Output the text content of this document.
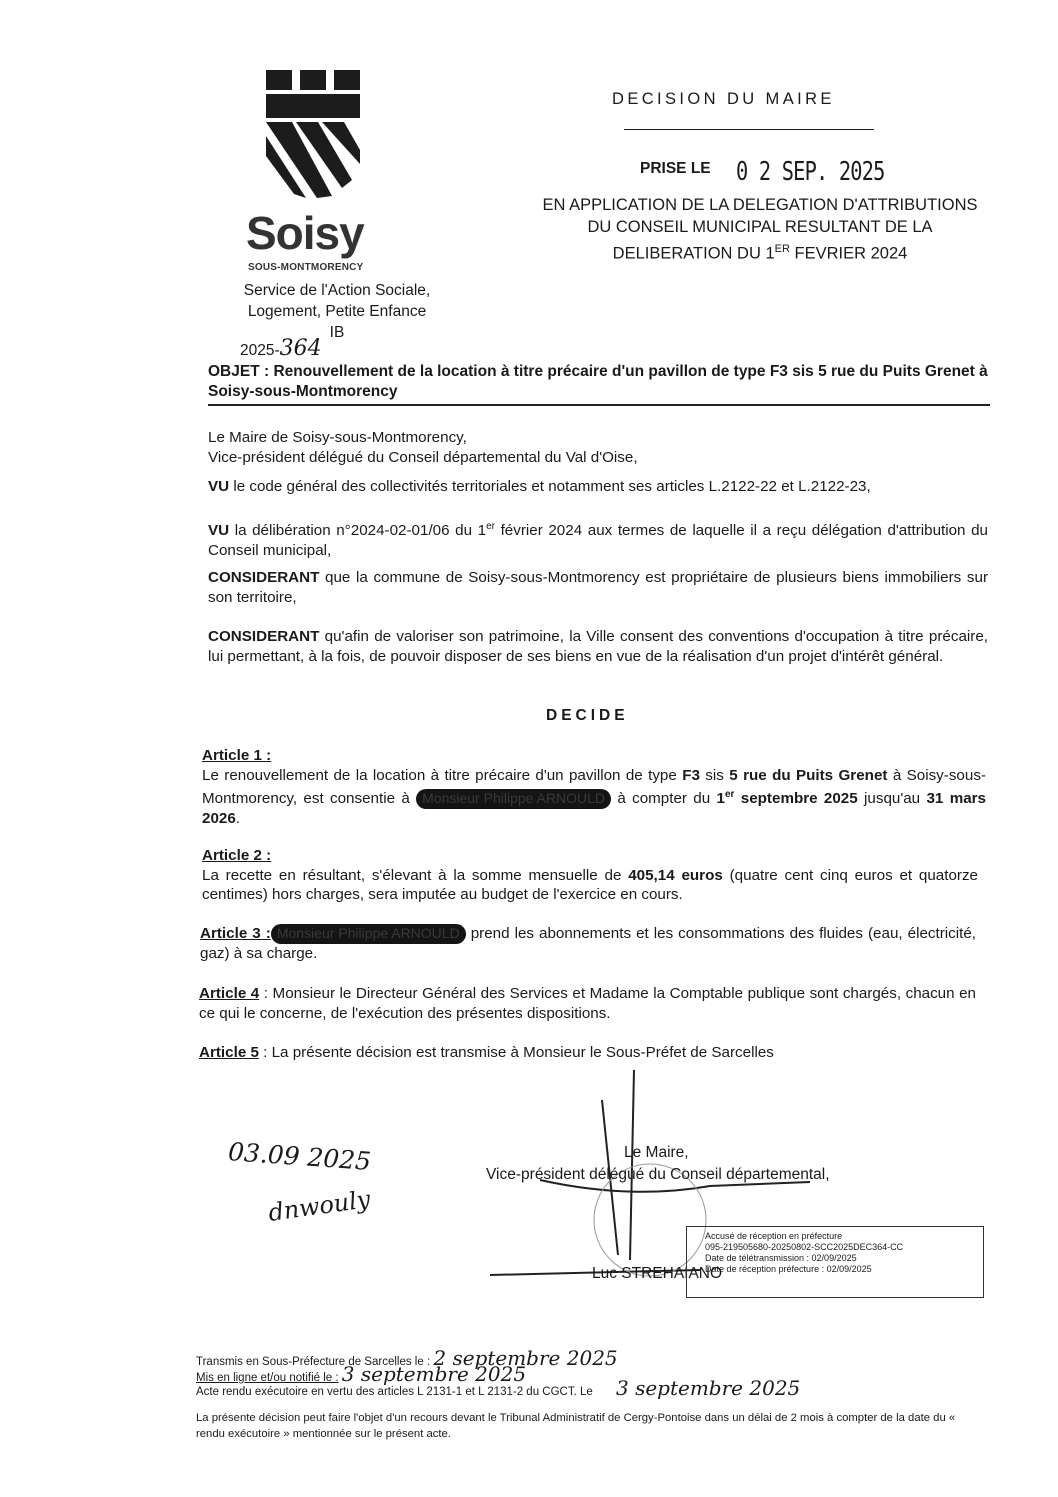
Soisy
SOUS-MONTMORENCY
Service de l'Action Sociale,
Logement, Petite Enfance
IB
2025-364
DECISION DU MAIRE
PRISE LE 0 2 SEP. 2025
EN APPLICATION DE LA DELEGATION D'ATTRIBUTIONS
DU CONSEIL MUNICIPAL RESULTANT DE LA
DELIBERATION DU 1ER FEVRIER 2024
OBJET : Renouvellement de la location à titre précaire d'un pavillon de type F3 sis 5 rue du Puits Grenet à Soisy-sous-Montmorency
Le Maire de Soisy-sous-Montmorency,
Vice-président délégué du Conseil départemental du Val d'Oise,
VU le code général des collectivités territoriales et notamment ses articles L.2122-22 et L.2122-23,
VU la délibération n°2024-02-01/06 du 1er février 2024 aux termes de laquelle il a reçu délégation d'attribution du Conseil municipal,
CONSIDERANT que la commune de Soisy-sous-Montmorency est propriétaire de plusieurs biens immobiliers sur son territoire,
CONSIDERANT qu'afin de valoriser son patrimoine, la Ville consent des conventions d'occupation à titre précaire, lui permettant, à la fois, de pouvoir disposer de ses biens en vue de la réalisation d'un projet d'intérêt général.
DECIDE
Article 1 :
Le renouvellement de la location à titre précaire d'un pavillon de type F3 sis 5 rue du Puits Grenet à Soisy-sous-Montmorency, est consentie à Monsieur Philippe ARNOULD à compter du 1er septembre 2025 jusqu'au 31 mars 2026.
Article 2 :
La recette en résultant, s'élevant à la somme mensuelle de 405,14 euros (quatre cent cinq euros et quatorze centimes) hors charges, sera imputée au budget de l'exercice en cours.
Article 3 : Monsieur Philippe ARNOULD prend les abonnements et les consommations des fluides (eau, électricité, gaz) à sa charge.
Article 4 : Monsieur le Directeur Général des Services et Madame la Comptable publique sont chargés, chacun en ce qui le concerne, de l'exécution des présentes dispositions.
Article 5 : La présente décision est transmise à Monsieur le Sous-Préfet de Sarcelles
03.09 2025
dnwouly
Le Maire,
Vice-président délégué du Conseil départemental,
Luc STREHAIANO
Accusé de réception en préfecture
095-219505680-20250802-SCC2025DEC364-CC
Date de télétransmission : 02/09/2025
Date de réception préfecture : 02/09/2025
Transmis en Sous-Préfecture de Sarcelles le : 2 septembre 2025
Mis en ligne et/ou notifié le : 3 septembre 2025
Acte rendu exécutoire en vertu des articles L 2131-1 et L 2131-2 du CGCT. Le 3 septembre 2025
La présente décision peut faire l'objet d'un recours devant le Tribunal Administratif de Cergy-Pontoise dans un délai de 2 mois à compter de la date du « rendu exécutoire » mentionnée sur le présent acte.
